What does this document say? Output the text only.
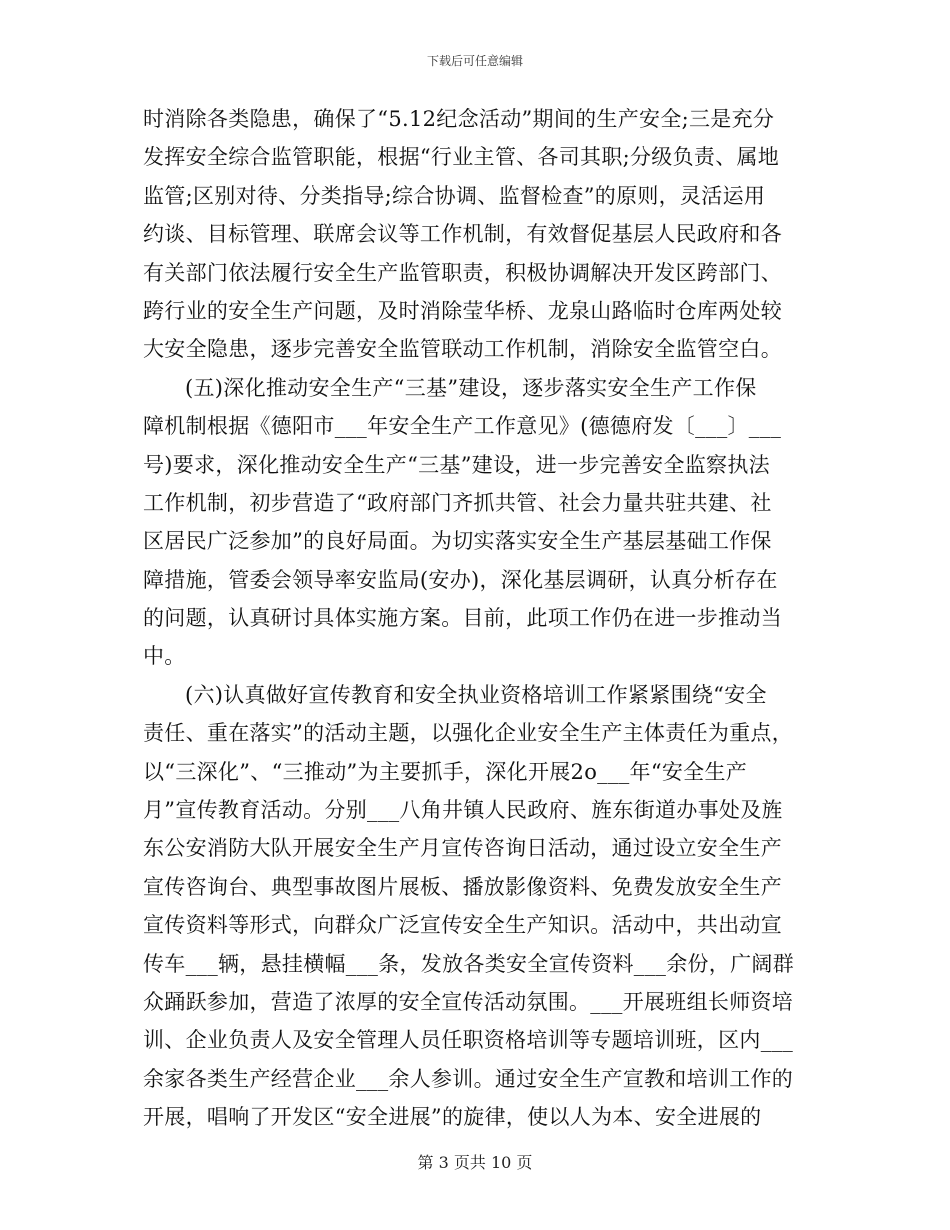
下载后可任意编辑
时消除各类隐患，确保了“5.12纪念活动”期间的生产安全;三是充分
发挥安全综合监管职能，根据“行业主管、各司其职;分级负责、属地
监管;区别对待、分类指导;综合协调、监督检查”的原则，灵活运用
约谈、目标管理、联席会议等工作机制，有效督促基层人民政府和各
有关部门依法履行安全生产监管职责，积极协调解决开发区跨部门、
跨行业的安全生产问题，及时消除莹华桥、龙泉山路临时仓库两处较
大安全隐患，逐步完善安全监管联动工作机制，消除安全监管空白。
(五)深化推动安全生产“三基”建设，逐步落实安全生产工作保
障机制根据《德阳市___年安全生产工作意见》(德德府发〔___〕___
号)要求，深化推动安全生产“三基”建设，进一步完善安全监察执法
工作机制，初步营造了“政府部门齐抓共管、社会力量共驻共建、社
区居民广泛参加”的良好局面。为切实落实安全生产基层基础工作保
障措施，管委会领导率安监局(安办)，深化基层调研，认真分析存在
的问题，认真研讨具体实施方案。目前，此项工作仍在进一步推动当
中。
(六)认真做好宣传教育和安全执业资格培训工作紧紧围绕“安全
责任、重在落实”的活动主题，以强化企业安全生产主体责任为重点，
以“三深化”、“三推动”为主要抓手，深化开展2o___年“安全生产
月”宣传教育活动。分别___八角井镇人民政府、旌东街道办事处及旌
东公安消防大队开展安全生产月宣传咨询日活动，通过设立安全生产
宣传咨询台、典型事故图片展板、播放影像资料、免费发放安全生产
宣传资料等形式，向群众广泛宣传安全生产知识。活动中，共出动宣
传车___辆，悬挂横幅___条，发放各类安全宣传资料___余份，广阔群
众踊跃参加，营造了浓厚的安全宣传活动氛围。___开展班组长师资培
训、企业负责人及安全管理人员任职资格培训等专题培训班，区内___
余家各类生产经营企业___余人参训。通过安全生产宣教和培训工作的
开展，唱响了开发区“安全进展”的旋律，使以人为本、安全进展的
第 3 页共 10 页
